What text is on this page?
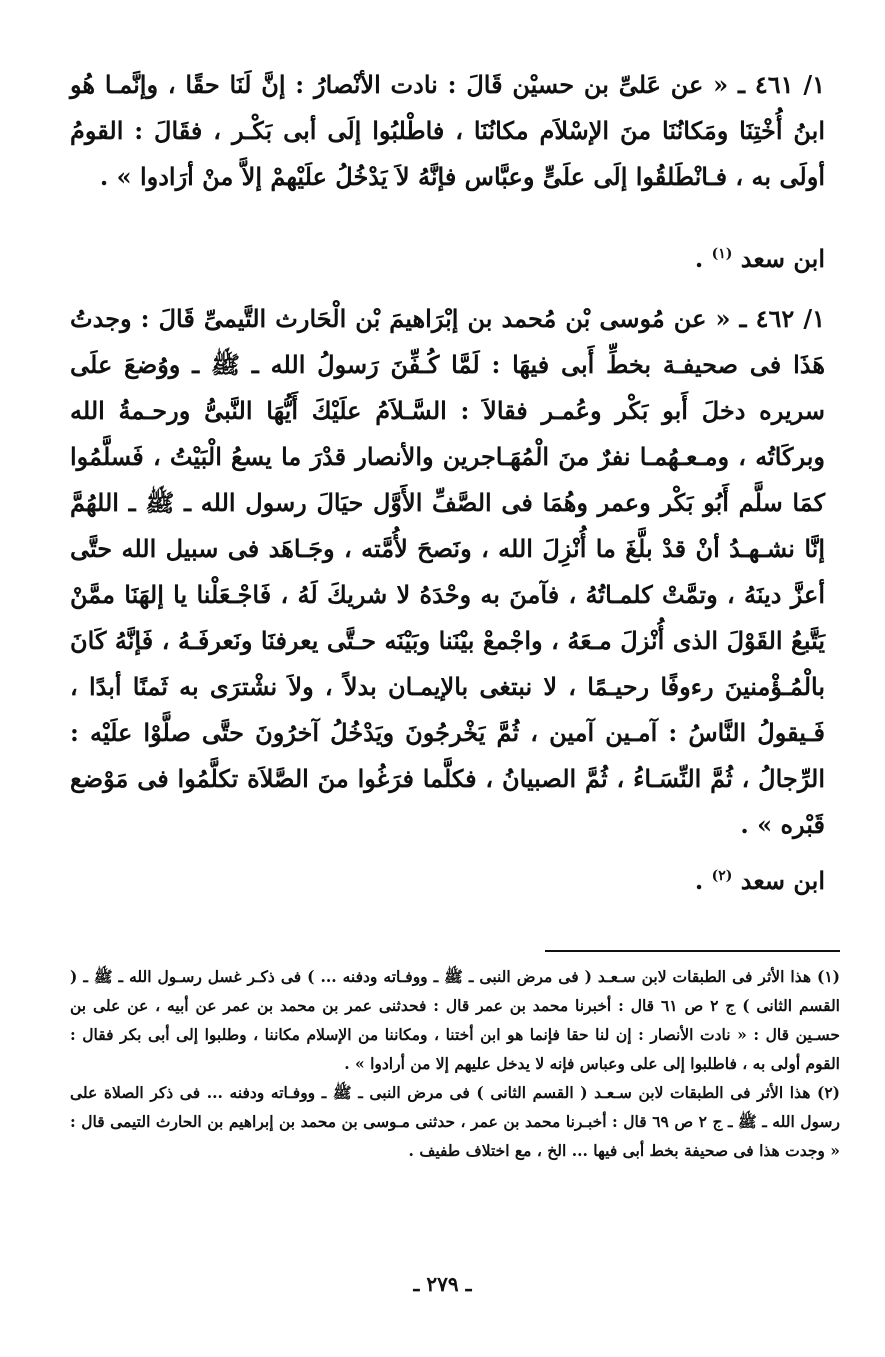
١/ ٤٦١ ـ « عن عَلىِّ بن حسيْن قَالَ : نادت الأنْصارُ : إنَّ لَنَا حقًا ، وإنَّمـا هُو ابنُ أُخْتِنَا ومَكانُنَا منَ الإسْلاَم مكانُنَا ، فاطْلبُوا إلَى أبى بَكْـر ، فقَالَ : القومُ أولَى به ، فـانْطَلقُوا إلَى علَىٍّ وعبَّاس فإنَّهُ لاَ يَدْخُلُ علَيْهمْ إلاَّ منْ أرَادوا » .

ابن سعد $^{(١)}$ .

١/ ٤٦٢ ـ « عن مُوسى بْن مُحمد بن إبْرَاهيمَ بْن الْحَارث التَّيمىِّ قَالَ : وجدتُ هَذَا فى صحيفـة بخطِّ أَبى فيهَا : لَمَّا كُـفِّنَ رَسولُ الله ـ ﷺ ـ ووُضعَ علَى سريره دخلَ أَبو بَكْر وعُمـر فقالاَ : السَّـلاَمُ علَيْكَ أَيُّهَا النَّبىُّ ورحـمةُ الله وبركَاتُه ، ومـعـهُمـا نفرٌ منَ الْمُهَـاجرين والأنصار قدْرَ ما يسعُ الْبَيْتُ ، فَسلَّمُوا كمَا سلَّم أَبُو بَكْر وعمر وهُمَا فى الصَّفِّ الأَوَّل حيَالَ رسول الله ـ ﷺ ـ اللهُمَّ إنَّا نشـهـدُ أنْ قدْ بلَّغَ ما أُنْزِلَ الله ، ونَصحَ لأُمَّته ، وجَـاهَد فى سبيل الله حتَّى أعزَّ دينَهُ ، وتمَّتْ كلمـاتُهُ ، فآمنَ به وحْدَهُ لا شريكَ لَهُ ، فَاجْـعَلْنا يا إلهَنَا ممَّنْ يَتَّبعُ القَوْلَ الذى أُنْزلَ مـعَهُ ، واجْمعْ بيْنَنا وبَيْنَه حـتَّى يعرفنَا ونَعرفَـهُ ، فَإنَّهُ كَانَ بالْمُـؤْمنينَ رءوفًا رحيـمًا ، لا نبتغى بالإيمـان بدلاً ، ولاَ نشْترَى به ثَمنًا أبدًا ، فَـيقولُ النَّاسُ : آمـين آمين ، ثُمَّ يَخْرجُونَ ويَدْخُلُ آخرُونَ حتَّى صلَّوْا علَيْه : الرِّجالُ ، ثُمَّ النِّسَـاءُ ، ثُمَّ الصبيانُ ، فكلَّما فرَغُوا منَ الصَّلاَة تكلَّمُوا فى مَوْضع قَبْره » .

ابن سعد $^{(٢)}$ .

(١) هذا الأثر فى الطبقات لابن سـعـد ( فى مرض النبى ـ ﷺ ـ ووفـاته ودفنه ... ) فى ذكـر غسل رسـول الله ـ ﷺ ـ ( القسم الثانى ) ج ٢ ص ٦١ قال : أخبرنا محمد بن عمر قال : فحدثنى عمر بن محمد بن عمر عن أبيه ، عن على بن حسـين قال : « نادت الأنصار : إن لنا حقا فإنما هو ابن أختنا ، ومكاننا من الإسلام مكاننا ، وطلبوا إلى أبى بكر فقال : القوم أولى به ، فاطلبوا إلى على وعباس فإنه لا يدخل عليهم إلا من أرادوا » .

(٢) هذا الأثر فى الطبقات لابن سـعـد ( القسم الثانى ) فى مرض النبى ـ ﷺ ـ ووفـاته ودفنه ... فى ذكر الصلاة على رسول الله ـ ﷺ ـ ج ٢ ص ٦٩ قال : أخبـرنا محمد بن عمر ، حدثنى مـوسى بن محمد بن إبراهيم بن الحارث التيمى قال : « وجدت هذا فى صحيفة بخط أبى فيها ... الخ ، مع اختلاف طفيف .

ـ ٢٧٩ ـ
